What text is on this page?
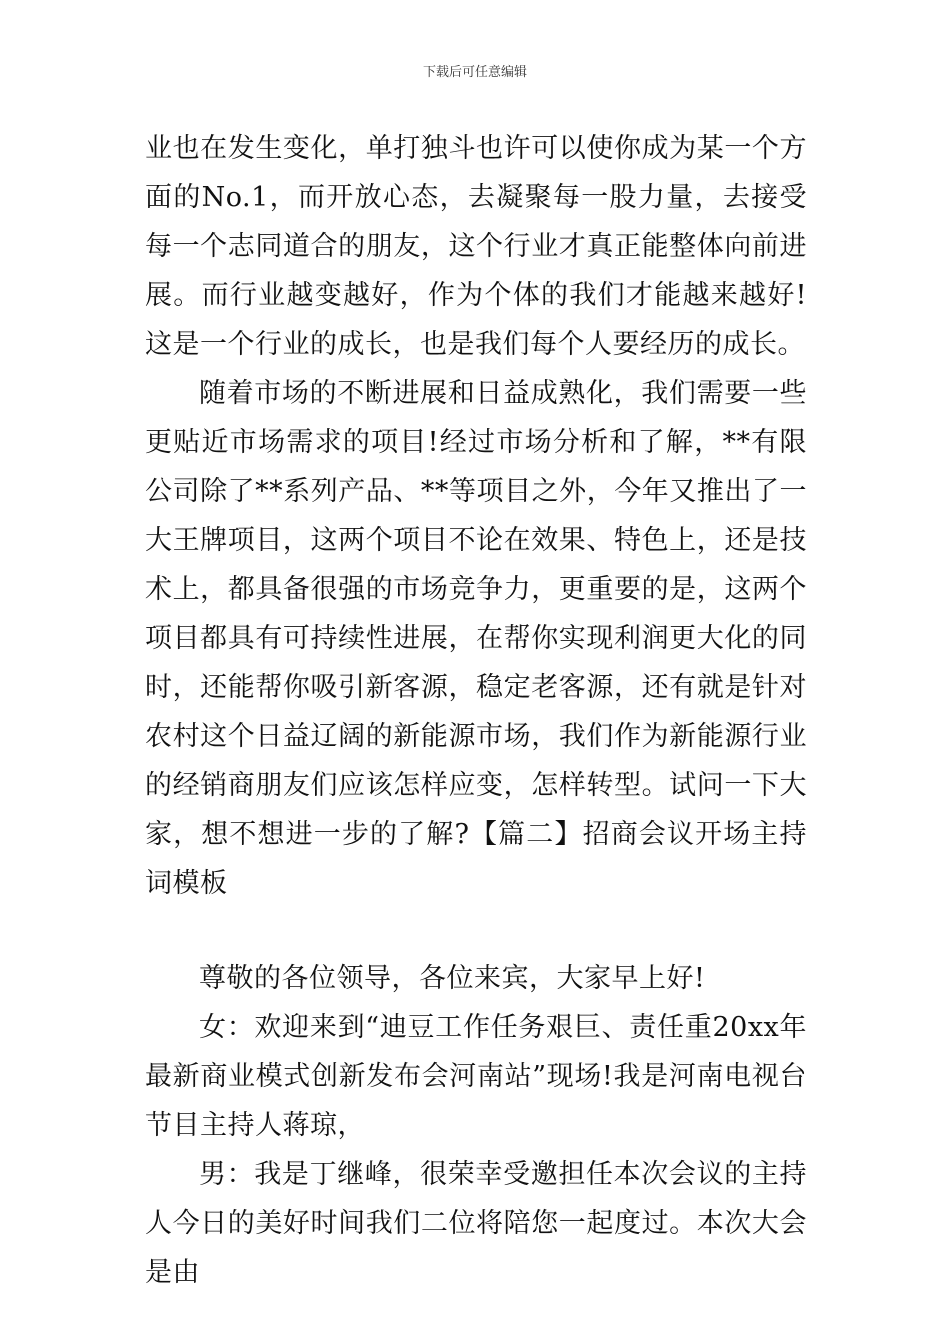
下载后可任意编辑

业也在发生变化，单打独斗也许可以使你成为某一个方面的No.1，而开放心态，去凝聚每一股力量，去接受每一个志同道合的朋友，这个行业才真正能整体向前进展。而行业越变越好，作为个体的我们才能越来越好!这是一个行业的成长，也是我们每个人要经历的成长。

随着市场的不断进展和日益成熟化，我们需要一些更贴近市场需求的项目!经过市场分析和了解，**有限公司除了**系列产品、**等项目之外，今年又推出了一大王牌项目，这两个项目不论在效果、特色上，还是技术上，都具备很强的市场竞争力，更重要的是，这两个项目都具有可持续性进展，在帮你实现利润更大化的同时，还能帮你吸引新客源，稳定老客源，还有就是针对农村这个日益辽阔的新能源市场，我们作为新能源行业的经销商朋友们应该怎样应变，怎样转型。试问一下大家，想不想进一步的了解?【篇二】招商会议开场主持词模板

尊敬的各位领导，各位来宾，大家早上好!

女：欢迎来到“迪豆工作任务艰巨、责任重20xx年最新商业模式创新发布会河南站”现场!我是河南电视台节目主持人蒋琼，

男：我是丁继峰，很荣幸受邀担任本次会议的主持人今日的美好时间我们二位将陪您一起度过。本次大会是由
